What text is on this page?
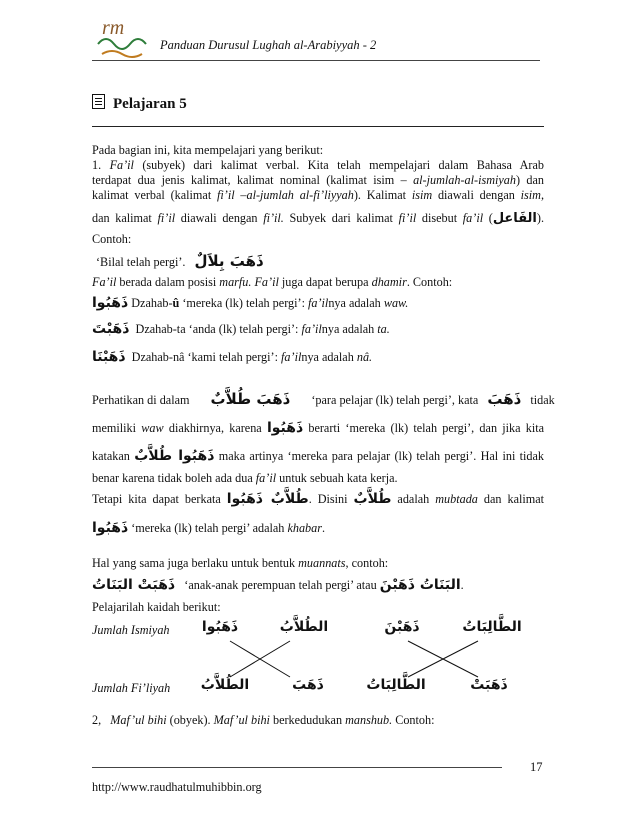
rm
Panduan Durusul Lughah al-Arabiyyah - 2
Pelajaran 5
Pada bagian ini, kita mempelajari yang berikut:
1. Fa’il (subyek) dari kalimat verbal. Kita telah mempelajari dalam Bahasa Arab
terdapat dua jenis kalimat, kalimat nominal (kalimat isim – al-jumlah-al-ismiyah) dan
kalimat verbal (kalimat fi’il –al-jumlah al-fi’liyyah). Kalimat isim diawali dengan isim,
dan kalimat fi’il diawali dengan fi’il. Subyek dari kalimat fi’il disebut fa’il (الفَاعل).
Contoh:
‘Bilal telah pergi’. ذَهَبَ بِلاَلٌ
Fa’il berada dalam posisi marfu. Fa’il juga dapat berupa dhamir. Contoh:
ذَهَبُوا Dzahab-û ‘mereka (lk) telah pergi’: fa’ilnya adalah waw.
ذَهَبْتَ Dzahab-ta ‘anda (lk) telah pergi’: fa’ilnya adalah ta.
ذَهَبْنَا Dzahab-nâ ‘kami telah pergi’: fa’ilnya adalah nâ.
Perhatikan di dalam ذَهَبَ طُلاَّبٌ ‘para pelajar (lk) telah pergi’, kata ذَهَبَ tidak
memiliki waw diakhirnya, karena ذَهَبُوا berarti ‘mereka (lk) telah pergi’, dan jika kita
katakan ذَهَبُوا طُلاَّبٌ maka artinya ‘mereka para pelajar (lk) telah pergi’. Hal ini tidak
benar karena tidak boleh ada dua fa’il untuk sebuah kata kerja.
Tetapi kita dapat berkata طُلاَّبٌ ذَهَبُوا. Disini طُلاَّبٌ adalah mubtada dan kalimat
ذَهَبُوا ‘mereka (lk) telah pergi’ adalah khabar.
Hal yang sama juga berlaku untuk bentuk muannats, contoh:
ذَهَبَتْ البَنَاتُ ‘anak-anak perempuan telah pergi’ atau البَنَاتُ ذَهَبْنَ.
Pelajarilah kaidah berikut:
Jumlah Ismiyah	ذَهَبُوا	الطُلاَّبُ	ذَهَبْنَ	الطَّالِبَاتُ
Jumlah Fi’liyah	الطُلاَّبُ	ذَهَبَ	الطَّالِبَاتُ	ذَهَبَتْ
2, Maf’ul bihi (obyek). Maf’ul bihi berkedudukan manshub. Contoh:
17
http://www.raudhatulmuhibbin.org
